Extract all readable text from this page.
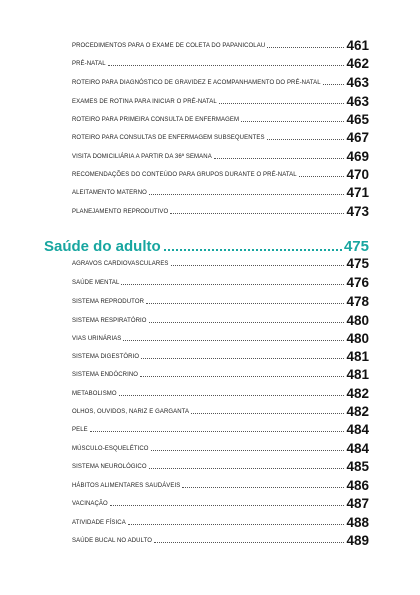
PROCEDIMENTOS PARA O EXAME DE COLETA DO PAPANICOLAU	461
PRÉ-NATAL	462
ROTEIRO PARA DIAGNÓSTICO DE GRAVIDEZ E ACOMPANHAMENTO DO PRÉ-NATAL 463
EXAMES DE ROTINA PARA INICIAR O PRÉ-NATAL	463
ROTEIRO PARA PRIMEIRA CONSULTA DE ENFERMAGEM	465
ROTEIRO PARA CONSULTAS DE ENFERMAGEM SUBSEQUENTES	467
VISITA DOMICILIÁRIA A PARTIR DA 36ª SEMANA	469
RECOMENDAÇÕES DO CONTEÚDO PARA GRUPOS DURANTE O PRÉ-NATAL	470
ALEITAMENTO MATERNO	471
PLANEJAMENTO REPRODUTIVO	473
Saúde do adulto	475
AGRAVOS CARDIOVASCULARES	475
SAÚDE MENTAL	476
SISTEMA REPRODUTOR	478
SISTEMA RESPIRATÓRIO	480
VIAS URINÁRIAS	480
SISTEMA DIGESTÓRIO	481
SISTEMA ENDÓCRINO	481
METABOLISMO	482
OLHOS, OUVIDOS, NARIZ E GARGANTA	482
PELE	484
MÚSCULO-ESQUELÉTICO	484
SISTEMA NEUROLÓGICO	485
HÁBITOS ALIMENTARES SAUDÁVEIS	486
VACINAÇÃO	487
ATIVIDADE FÍSICA	488
SAÚDE BUCAL NO ADULTO	489
